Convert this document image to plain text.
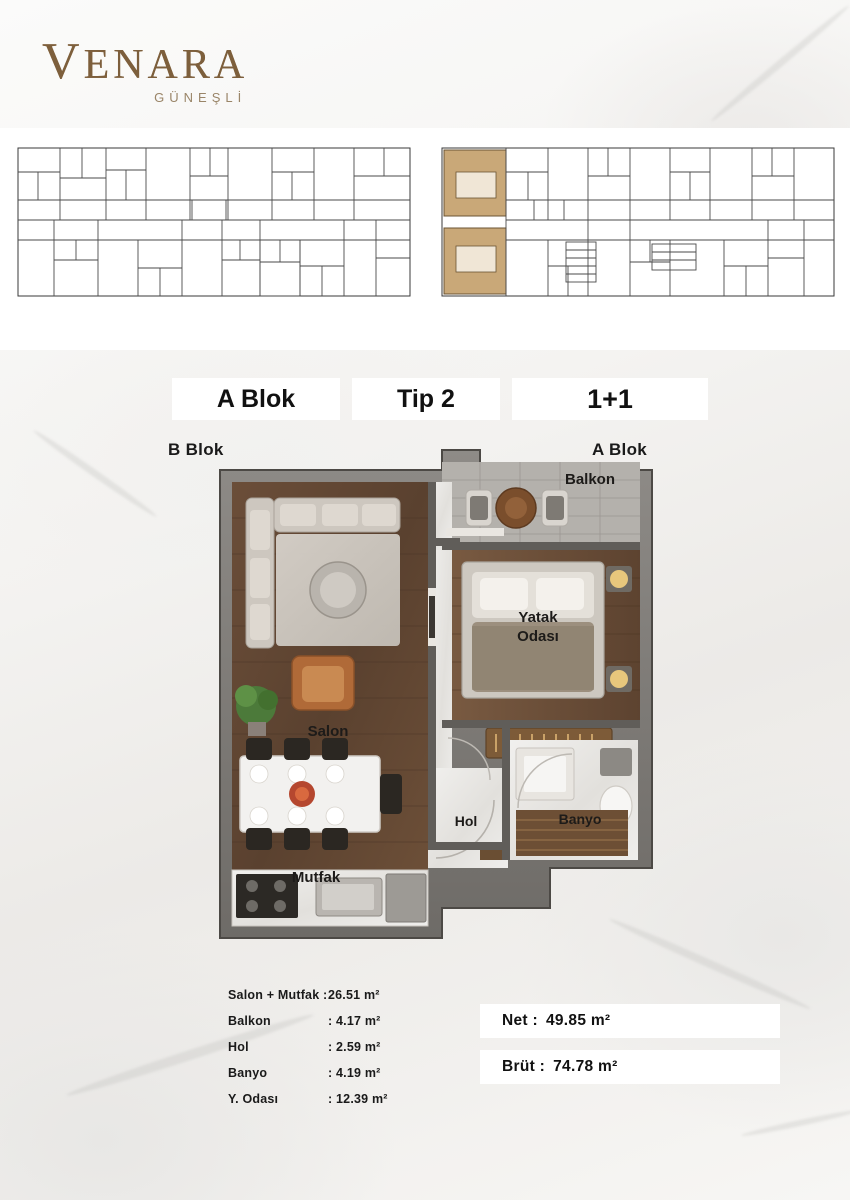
VENARA
GÜNEŞLİ
B Blok	A Blok
A Blok	Tip 2	1+1
Balkon
Yatak
Odası
Salon
Mutfak
Hol	Banyo
Salon + Mutfak : 26.51 m²
Balkon	: 4.17 m²
Hol	: 2.59 m²
Banyo	: 4.19 m²
Y. Odası	: 12.39 m²
Net : 49.85 m²
Brüt : 74.78 m²
